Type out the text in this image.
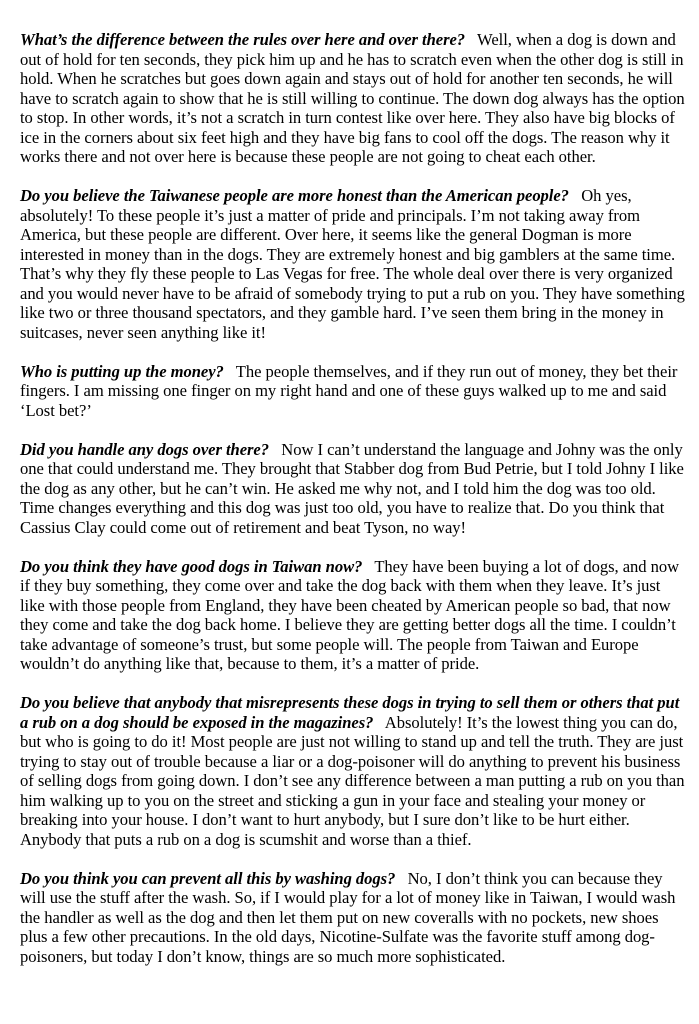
What’s the difference between the rules over here and over there? Well, when a dog is down and out of hold for ten seconds, they pick him up and he has to scratch even when the other dog is still in hold. When he scratches but goes down again and stays out of hold for another ten seconds, he will have to scratch again to show that he is still willing to continue. The down dog always has the option to stop. In other words, it’s not a scratch in turn contest like over here. They also have big blocks of ice in the corners about six feet high and they have big fans to cool off the dogs. The reason why it works there and not over here is because these people are not going to cheat each other.

Do you believe the Taiwanese people are more honest than the American people? Oh yes, absolutely! To these people it’s just a matter of pride and principals. I’m not taking away from America, but these people are different. Over here, it seems like the general Dogman is more interested in money than in the dogs. They are extremely honest and big gamblers at the same time. That’s why they fly these people to Las Vegas for free. The whole deal over there is very organized and you would never have to be afraid of somebody trying to put a rub on you. They have something like two or three thousand spectators, and they gamble hard. I’ve seen them bring in the money in suitcases, never seen anything like it!

Who is putting up the money? The people themselves, and if they run out of money, they bet their fingers. I am missing one finger on my right hand and one of these guys walked up to me and said ‘Lost bet?’

Did you handle any dogs over there? Now I can’t understand the language and Johny was the only one that could understand me. They brought that Stabber dog from Bud Petrie, but I told Johny I like the dog as any other, but he can’t win. He asked me why not, and I told him the dog was too old. Time changes everything and this dog was just too old, you have to realize that. Do you think that Cassius Clay could come out of retirement and beat Tyson, no way!

Do you think they have good dogs in Taiwan now? They have been buying a lot of dogs, and now if they buy something, they come over and take the dog back with them when they leave. It’s just like with those people from England, they have been cheated by American people so bad, that now they come and take the dog back home. I believe they are getting better dogs all the time. I couldn’t take advantage of someone’s trust, but some people will. The people from Taiwan and Europe wouldn’t do anything like that, because to them, it’s a matter of pride.

Do you believe that anybody that misrepresents these dogs in trying to sell them or others that put a rub on a dog should be exposed in the magazines? Absolutely! It’s the lowest thing you can do, but who is going to do it! Most people are just not willing to stand up and tell the truth. They are just trying to stay out of trouble because a liar or a dog-poisoner will do anything to prevent his business of selling dogs from going down. I don’t see any difference between a man putting a rub on you than him walking up to you on the street and sticking a gun in your face and stealing your money or breaking into your house. I don’t want to hurt anybody, but I sure don’t like to be hurt either. Anybody that puts a rub on a dog is scumshit and worse than a thief.

Do you think you can prevent all this by washing dogs? No, I don’t think you can because they will use the stuff after the wash. So, if I would play for a lot of money like in Taiwan, I would wash the handler as well as the dog and then let them put on new coveralls with no pockets, new shoes plus a few other precautions. In the old days, Nicotine-Sulfate was the favorite stuff among dog-poisoners, but today I don’t know, things are so much more sophisticated.
